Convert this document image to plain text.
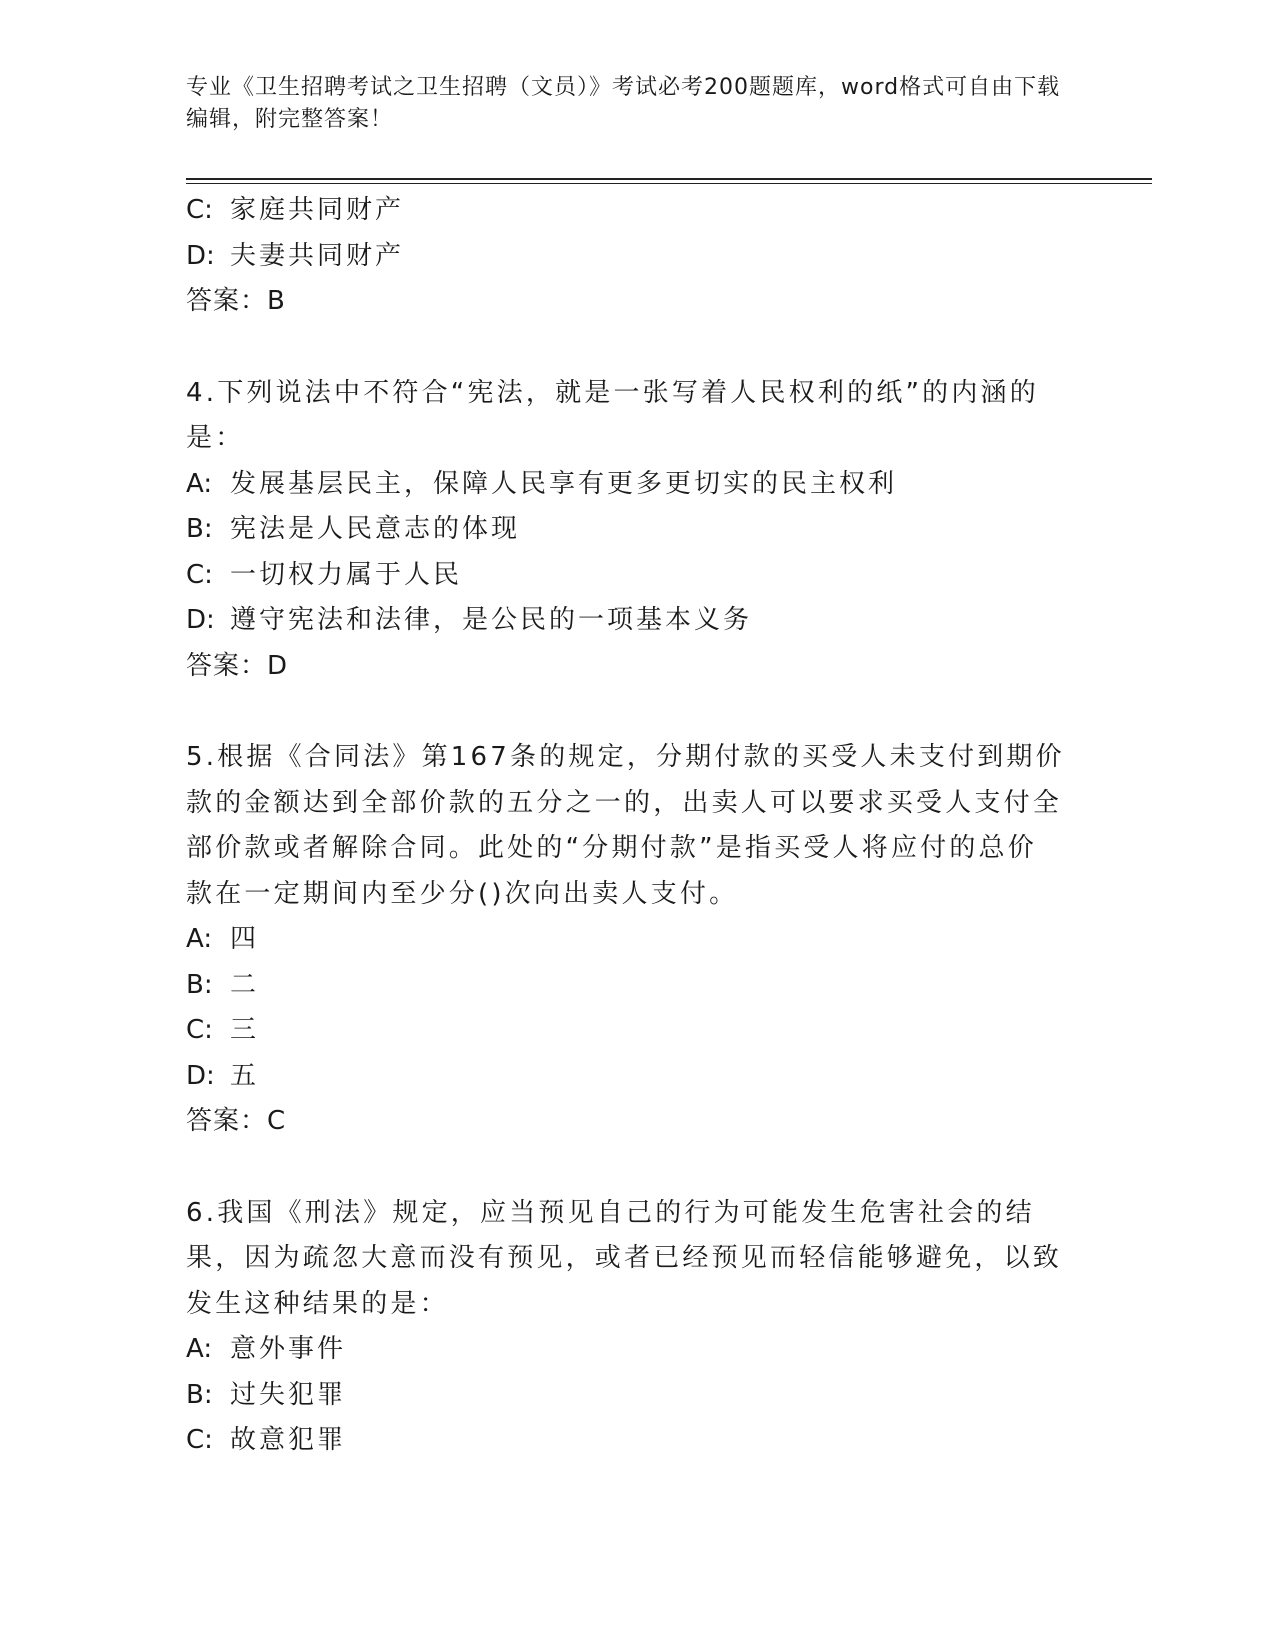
专业《卫生招聘考试之卫生招聘（文员）》考试必考200题题库，word格式可自由下载编辑，附完整答案！
C: 家庭共同财产
D: 夫妻共同财产
答案：B
4.下列说法中不符合“宪法，就是一张写着人民权利的纸”的内涵的是：
A: 发展基层民主，保障人民享有更多更切实的民主权利
B: 宪法是人民意志的体现
C: 一切权力属于人民
D: 遵守宪法和法律，是公民的一项基本义务
答案：D
5.根据《合同法》第167条的规定，分期付款的买受人未支付到期价款的金额达到全部价款的五分之一的，出卖人可以要求买受人支付全部价款或者解除合同。此处的“分期付款”是指买受人将应付的总价款在一定期间内至少分()次向出卖人支付。
A: 四
B: 二
C: 三
D: 五
答案：C
6.我国《刑法》规定，应当预见自己的行为可能发生危害社会的结果，因为疏忽大意而没有预见，或者已经预见而轻信能够避免，以致发生这种结果的是：
A: 意外事件
B: 过失犯罪
C: 故意犯罪
